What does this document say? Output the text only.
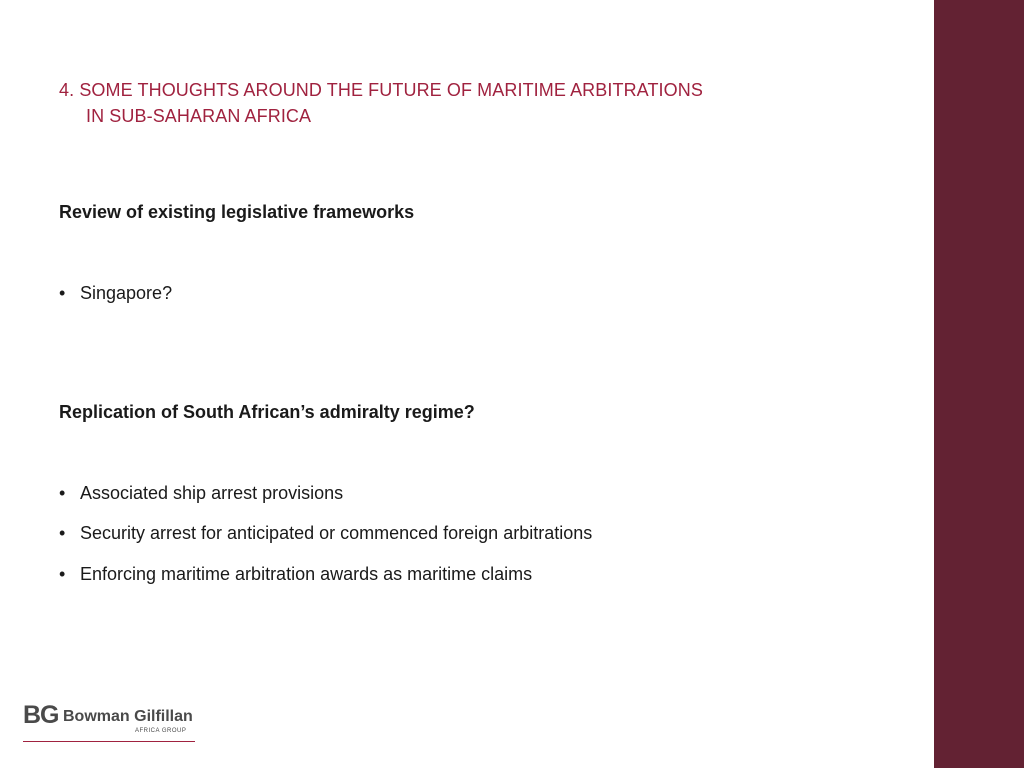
4. SOME THOUGHTS AROUND THE FUTURE OF MARITIME ARBITRATIONS
IN SUB-SAHARAN AFRICA
Review of existing legislative frameworks
• Singapore?
Replication of South African’s admiralty regime?
• Associated ship arrest provisions
• Security arrest for anticipated or commenced foreign arbitrations
• Enforcing maritime arbitration awards as maritime claims
BG Bowman Gilfillan
AFRICA GROUP
